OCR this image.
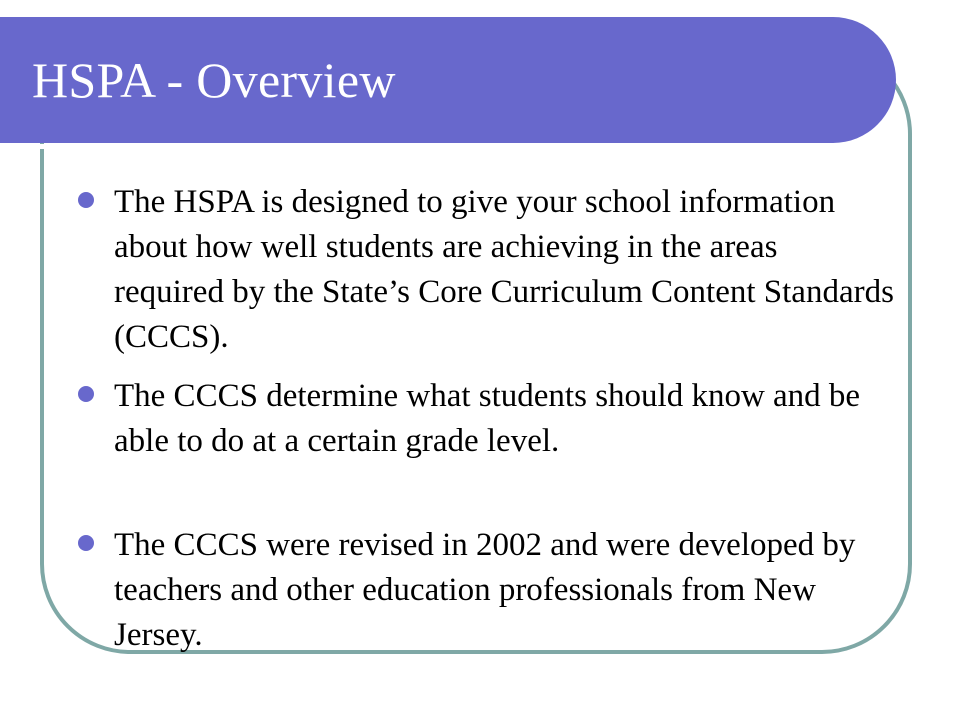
HSPA - Overview
The HSPA is designed to give your school information about how well students are achieving in the areas required by the State’s Core Curriculum Content Standards (CCCS).
The CCCS determine what students should know and be able to do at a certain grade level.
The CCCS were revised in 2002 and were developed by teachers and other education professionals from New Jersey.
